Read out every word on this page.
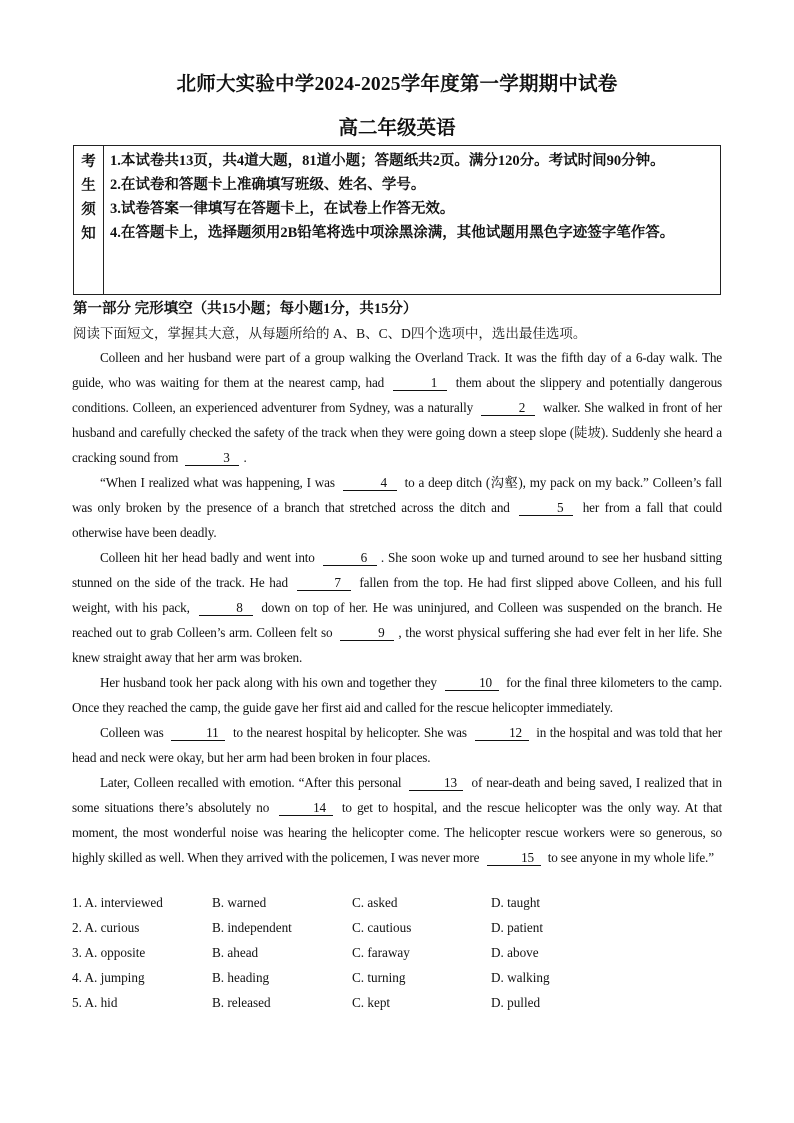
北师大实验中学2024-2025学年度第一学期期中试卷
高二年级英语
考
生
须
知
1.本试卷共13页，共4道大题，81道小题；答题纸共2页。满分120分。考试时间90分钟。
2.在试卷和答题卡上准确填写班级、姓名、学号。
3.试卷答案一律填写在答题卡上，在试卷上作答无效。
4.在答题卡上，选择题须用2B铅笔将选中项涂黑涂满，其他试题用黑色字迹签字笔作答。
第一部分 完形填空（共15小题；每小题1分，共15分）
阅读下面短文，掌握其大意，从每题所给的 A、B、C、D四个选项中，选出最佳选项。

Colleen and her husband were part of a group walking the Overland Track. It was the fifth day of a 6-day walk. The guide, who was waiting for them at the nearest camp, had	1 them about the slippery and potentially dangerous conditions. Colleen, an experienced adventurer from Sydney, was a naturally	2 walker. She walked in front of her husband and carefully checked the safety of the track when they were going down a steep slope (陡坡). Suddenly she heard a cracking sound from	3 .

“When I realized what was happening, I was	4 to a deep ditch (沟壑), my pack on my back.” Colleen’s fall was only broken by the presence of a branch that stretched across the ditch and	5 her from a fall that could otherwise have been deadly.

Colleen hit her head badly and went into	6 . She soon woke up and turned around to see her husband sitting stunned on the side of the track. He had	7 fallen from the top. He had first slipped above Colleen, and his full weight, with his pack,	8 down on top of her. He was uninjured, and Colleen was suspended on the branch. He reached out to grab Colleen’s arm. Colleen felt so	9 , the worst physical suffering she had ever felt in her life. She knew straight away that her arm was broken.

Her husband took her pack along with his own and together they	10 for the final three kilometers to the camp. Once they reached the camp, the guide gave her first aid and called for the rescue helicopter immediately.

Colleen was	11 to the nearest hospital by helicopter. She was	12 in the hospital and was told that her head and neck were okay, but her arm had been broken in four places.

Later, Colleen recalled with emotion. “After this personal	13 of near-death and being saved, I realized that in some situations there’s absolutely no	14 to get to hospital, and the rescue helicopter was the only way. At that moment, the most wonderful noise was hearing the helicopter come. The helicopter rescue workers were so generous, so highly skilled as well. When they arrived with the policemen, I was never more	15 to see anyone in my whole life.”

1. A. interviewed	B. warned	C. asked	D. taught
2. A. curious	B. independent	C. cautious	D. patient
3. A. opposite	B. ahead	C. faraway	D. above
4. A. jumping	B. heading	C. turning	D. walking
5. A. hid	B. released	C. kept	D. pulled
